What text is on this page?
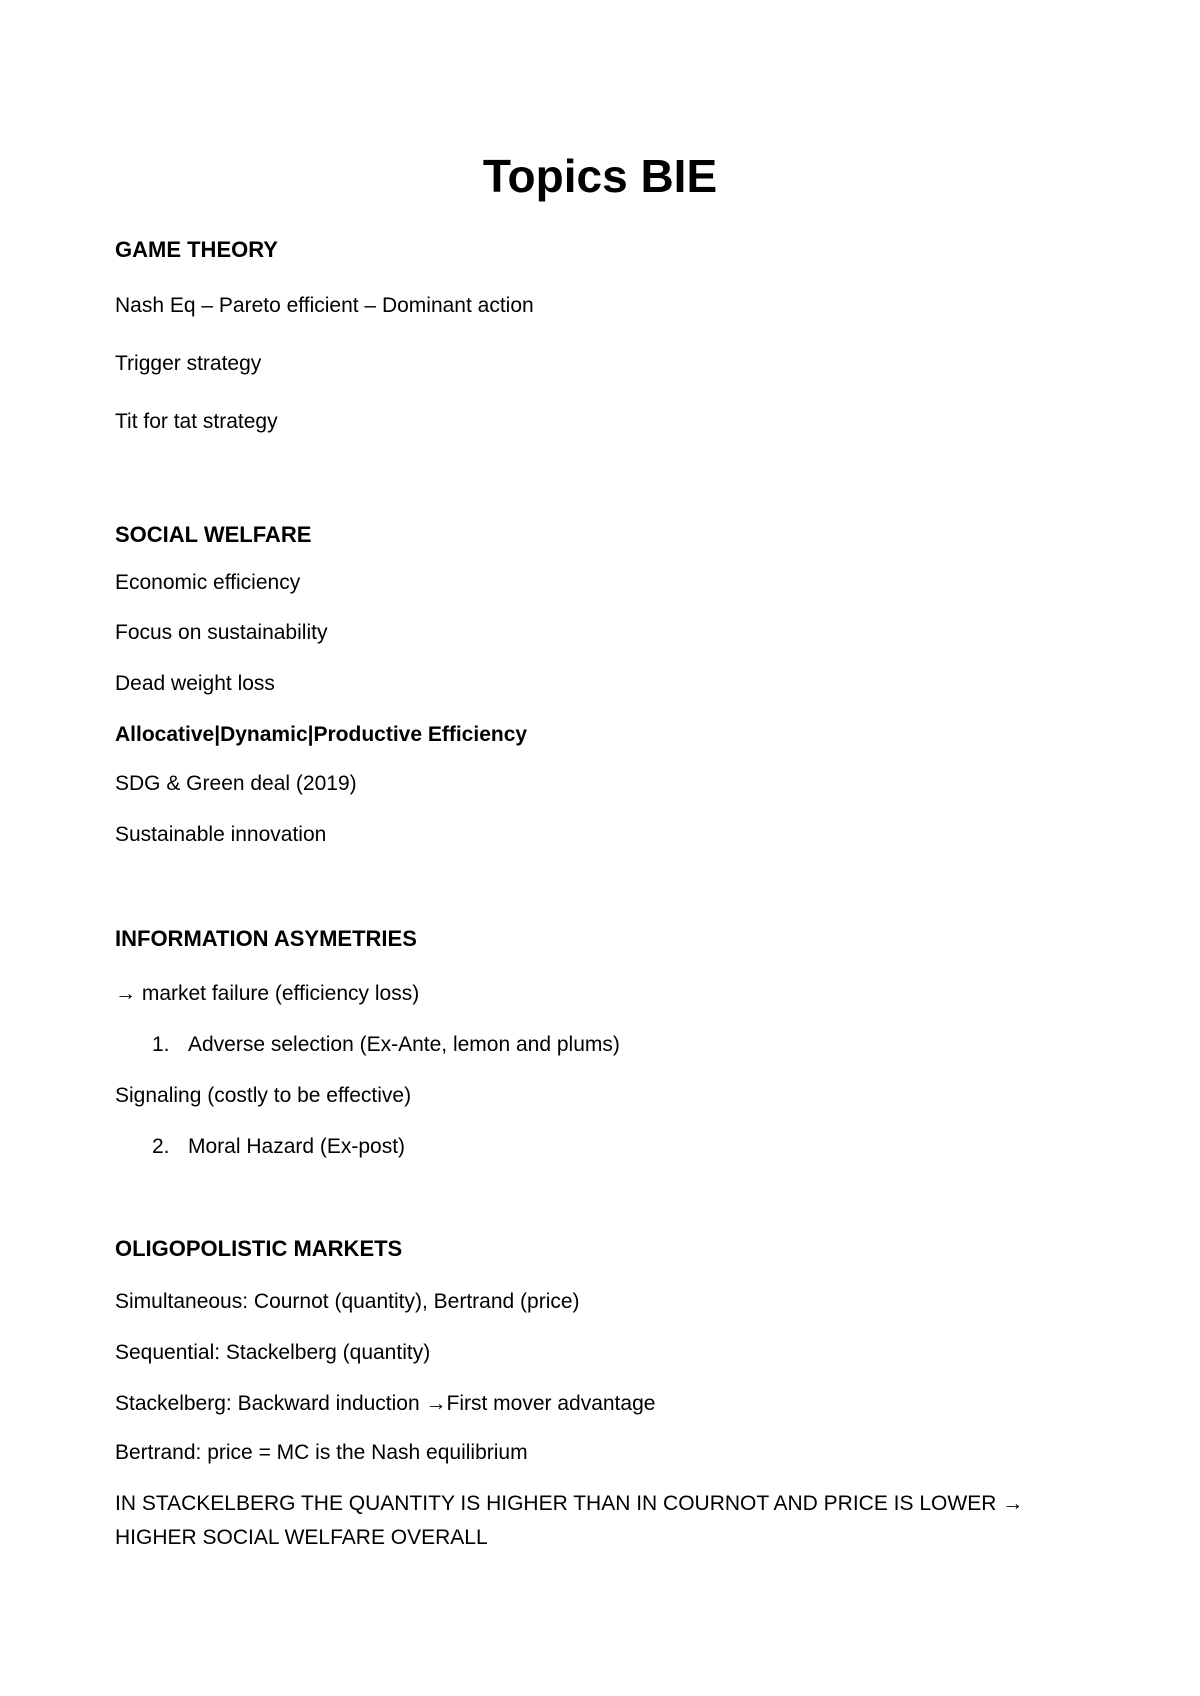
Topics BIE
GAME THEORY
Nash Eq – Pareto efficient – Dominant action
Trigger strategy
Tit for tat strategy
SOCIAL WELFARE
Economic efficiency
Focus on sustainability
Dead weight loss
Allocative|Dynamic|Productive Efficiency
SDG & Green deal (2019)
Sustainable innovation
INFORMATION ASYMETRIES
→ market failure (efficiency loss)
1. Adverse selection (Ex-Ante, lemon and plums)
Signaling (costly to be effective)
2. Moral Hazard (Ex-post)
OLIGOPOLISTIC MARKETS
Simultaneous: Cournot (quantity), Bertrand (price)
Sequential: Stackelberg (quantity)
Stackelberg: Backward induction →First mover advantage
Bertrand: price = MC is the Nash equilibrium
IN STACKELBERG THE QUANTITY IS HIGHER THAN IN COURNOT AND PRICE IS LOWER → HIGHER SOCIAL WELFARE OVERALL
